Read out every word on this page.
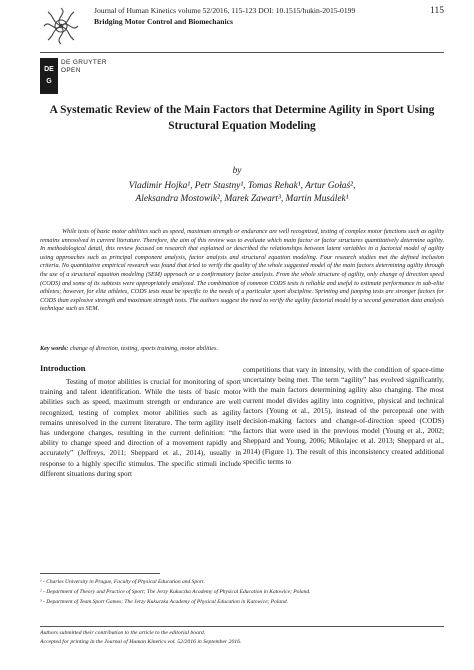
Journal of Human Kinetics volume 52/2016, 115-123 DOI: 10.1515/hukin-2015-0199
Bridging Motor Control and Biomechanics
115
DE
G
DE GRUYTER
OPEN
A Systematic Review of the Main Factors that Determine Agility in Sport Using Structural Equation Modeling
by
Vladimir Hojka¹, Petr Stastny¹, Tomas Rehak¹, Artur Gołaś²,
Aleksandra Mostowik², Marek Zawart³, Martin Musálek¹
While tests of basic motor abilities such as speed, maximum strength or endurance are well recognized, testing of complex motor functions such as agility remains unresolved in current literature. Therefore, the aim of this review was to evaluate which main factor or factor structures quantitatively determine agility. In methodological detail, this review focused on research that explained or described the relationships between latent variables in a factorial model of agility using approaches such as principal component analysis, factor analysis and structural equation modeling. Four research studies met the defined inclusion criteria. No quantitative empirical research was found that tried to verify the quality of the whole suggested model of the main factors determining agility through the use of a structural equation modeling (SEM) approach or a confirmatory factor analysis. From the whole structure of agility, only change of direction speed (CODS) and some of its subtests were appropriately analyzed. The combination of common CODS tests is reliable and useful to estimate performance in sub-elite athletes; however, for elite athletes, CODS tests must be specific to the needs of a particular sport discipline. Sprinting and jumping tests are stronger factors for CODS than explosive strength and maximum strength tests. The authors suggest the need to verify the agility factorial model by a second generation data analysis technique such as SEM.
Key words: change of direction, testing, sports training, motor abilities.
Introduction

Testing of motor abilities is crucial for monitoring of sport training and talent identification. While the tests of basic motor abilities such as speed, maximum strength or endurance are well recognized, testing of complex motor abilities such as agility remains unresolved in the current literature. The term agility itself has undergone changes, resulting in the current definition: “the ability to change speed and direction of a movement rapidly and accurately” (Jeffreys, 2011; Sheppard et al., 2014), usually in response to a highly specific stimulus. The specific stimuli include different situations during sport

competitions that vary in intensity, with the condition of space-time uncertainty being met. The term “agility” has evolved significantly, with the main factors determining agility also changing. The most current model divides agility into cognitive, physical and technical factors (Young et al., 2015), instead of the perceptual one with decision-making factors and change-of-direction speed (CODS) factors that were used in the previous model (Young et al., 2002; Sheppard and Young, 2006; Mikolajec et al. 2013; Sheppard et al., 2014) (Figure 1). The result of this inconsistency created additional specific terms to

¹ - Charles University in Prague, Faculty of Physical Education and Sport.
² - Department of Theory and Practice of Sport; The Jerzy Kukuczka Academy of Physical Education in Katowice; Poland.
³ - Department of Team Sport Games; The Jerzy Kukuczka Academy of Physical Education in Katowice; Poland.
Authors submitted their contribution to the article to the editorial board.
Accepted for printing in the Journal of Human Kinetics vol. 52/2016 in September 2016.
